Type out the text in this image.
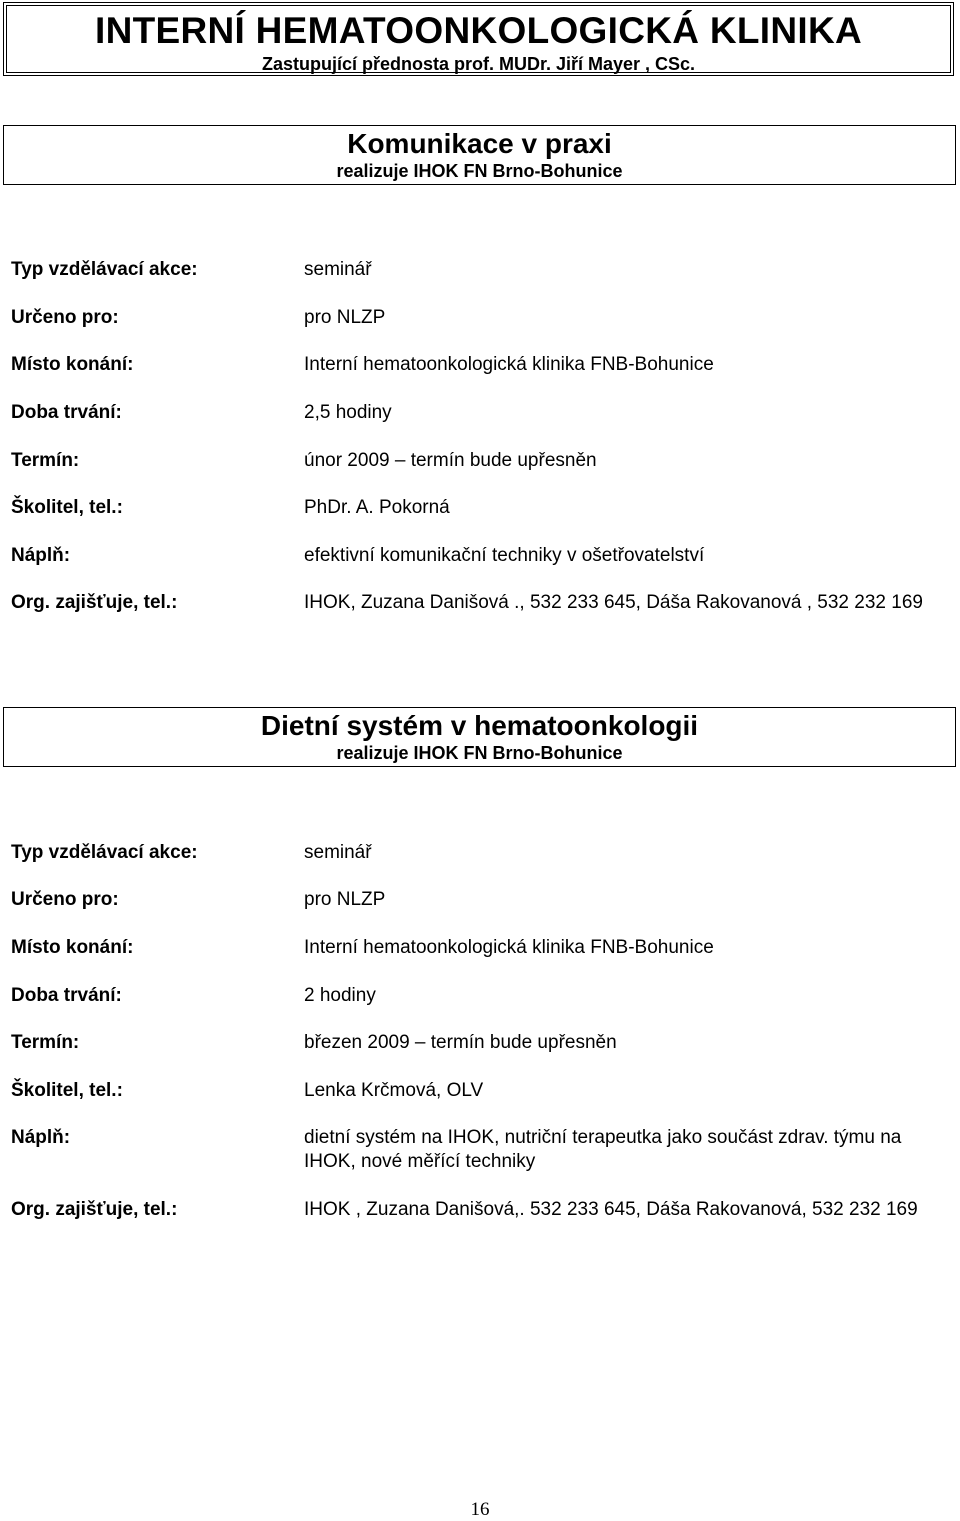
INTERNÍ HEMATOONKOLOGICKÁ KLINIKA
Zastupující přednosta prof. MUDr. Jiří Mayer , CSc.
Komunikace v praxi
realizuje IHOK FN Brno-Bohunice
Typ vzdělávací akce:	seminář
Určeno pro:	pro NLZP
Místo konání:	Interní hematoonkologická klinika FNB-Bohunice
Doba trvání:	2,5 hodiny
Termín:	únor 2009 – termín bude upřesněn
Školitel, tel.:	PhDr. A. Pokorná
Náplň:	efektivní komunikační techniky v ošetřovatelství
Org. zajišťuje, tel.:	IHOK, Zuzana Danišová ., 532 233 645, Dáša Rakovanová , 532 232 169
Dietní systém v hematoonkologii
realizuje IHOK FN Brno-Bohunice
Typ vzdělávací akce:	seminář
Určeno pro:	pro NLZP
Místo konání:	Interní hematoonkologická klinika FNB-Bohunice
Doba trvání:	2 hodiny
Termín:	březen 2009 – termín bude upřesněn
Školitel, tel.:	Lenka Krčmová, OLV
Náplň:	dietní systém na IHOK, nutriční terapeutka jako součást zdrav. týmu na IHOK, nové měřící techniky
Org. zajišťuje, tel.:	IHOK , Zuzana Danišová,. 532 233 645, Dáša Rakovanová, 532 232 169
16
